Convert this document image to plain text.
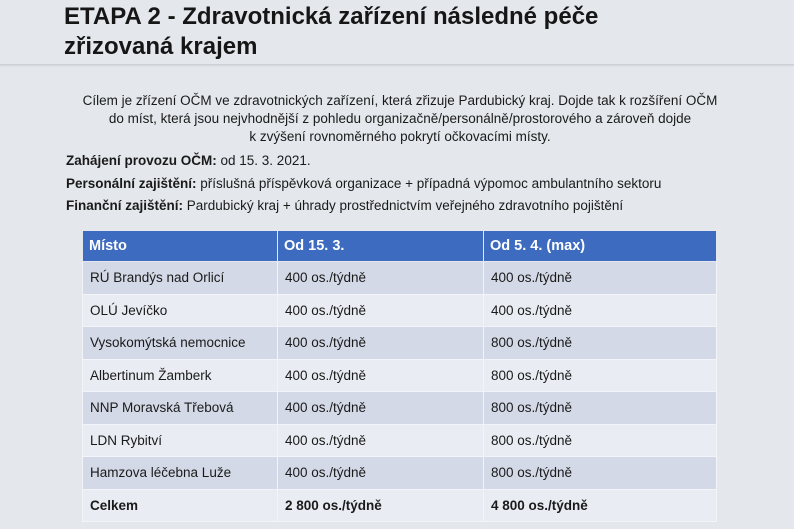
ETAPA 2 - Zdravotnická zařízení následné péče
zřizovaná krajem
Cílem je zřízení OČM ve zdravotnických zařízení, která zřizuje Pardubický kraj. Dojde tak k rozšíření OČM
do míst, která jsou nejvhodnější z pohledu organizačně/personálně/prostorového a zároveň dojde
k zvýšení rovnoměrného pokrytí očkovacími místy.
Zahájení provozu OČM: od 15. 3. 2021.
Personální zajištění: příslušná příspěvková organizace + případná výpomoc ambulantního sektoru
Finanční zajištění: Pardubický kraj + úhrady prostřednictvím veřejného zdravotního pojištění
Místo	Od 15. 3.	Od 5. 4. (max)
RÚ Brandýs nad Orlicí	400 os./týdně	400 os./týdně
OLÚ Jevíčko	400 os./týdně	400 os./týdně
Vysokomýtská nemocnice	400 os./týdně	800 os./týdně
Albertinum Žamberk	400 os./týdně	800 os./týdně
NNP Moravská Třebová	400 os./týdně	800 os./týdně
LDN Rybitví	400 os./týdně	800 os./týdně
Hamzova léčebna Luže	400 os./týdně	800 os./týdně
Celkem	2 800 os./týdně	4 800 os./týdně
